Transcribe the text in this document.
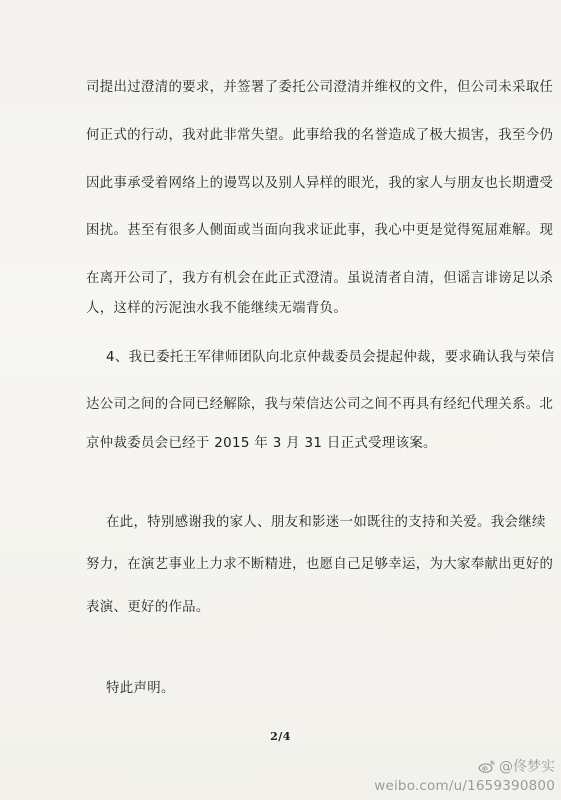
司提出过澄清的要求，并签署了委托公司澄清并维权的文件，但公司未采取任
何正式的行动，我对此非常失望。此事给我的名誉造成了极大损害，我至今仍
因此事承受着网络上的谩骂以及别人异样的眼光，我的家人与朋友也长期遭受
困扰。甚至有很多人侧面或当面向我求证此事，我心中更是觉得冤屈难解。现
在离开公司了，我方有机会在此正式澄清。虽说清者自清，但谣言诽谤足以杀
人，这样的污泥浊水我不能继续无端背负。
4、我已委托王军律师团队向北京仲裁委员会提起仲裁，要求确认我与荣信
达公司之间的合同已经解除，我与荣信达公司之间不再具有经纪代理关系。北
京仲裁委员会已经于 2015 年 3 月 31 日正式受理该案。
在此，特别感谢我的家人、朋友和影迷一如既往的支持和关爱。我会继续
努力，在演艺事业上力求不断精进，也愿自己足够幸运，为大家奉献出更好的
表演、更好的作品。
特此声明。
2/4
@佟梦实
weibo.com/u/1659390800
